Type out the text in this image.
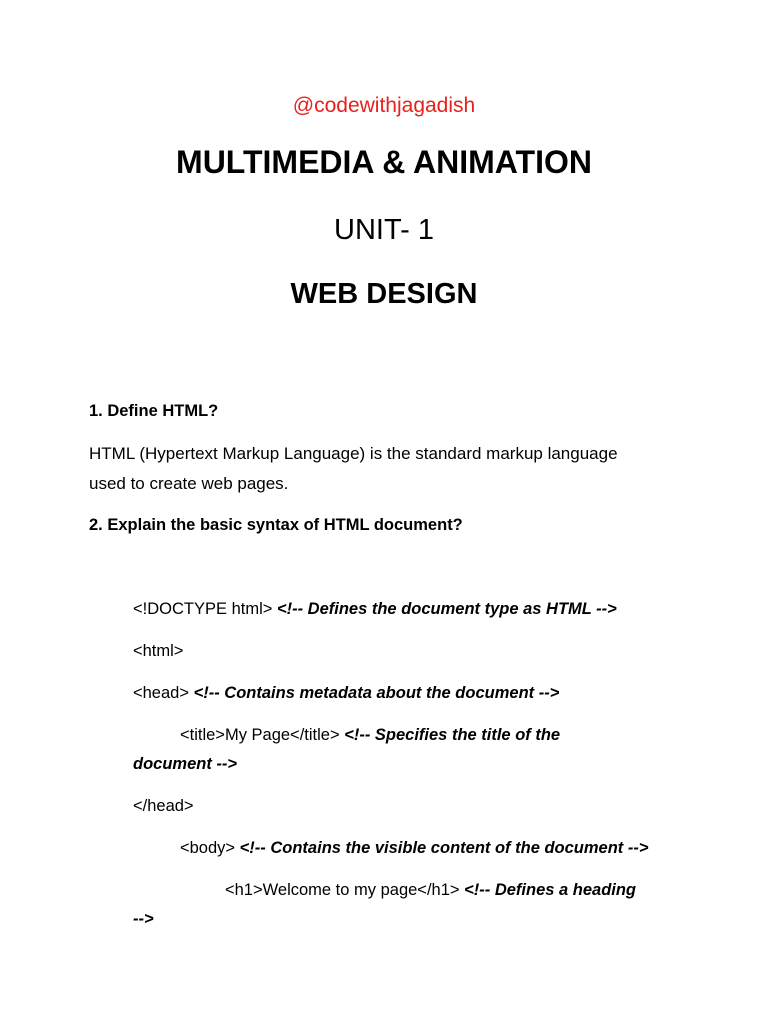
@codewithjagadish
MULTIMEDIA & ANIMATION
UNIT- 1
WEB DESIGN
1. Define HTML?
HTML (Hypertext Markup Language) is the standard markup language
used to create web pages.
2. Explain the basic syntax of HTML document?
<!DOCTYPE html> <!-- Defines the document type as HTML -->
<html>
<head> <!-- Contains metadata about the document -->
<title>My Page</title> <!-- Specifies the title of the
document -->
</head>
<body> <!-- Contains the visible content of the document -->
<h1>Welcome to my page</h1> <!-- Defines a heading
-->
